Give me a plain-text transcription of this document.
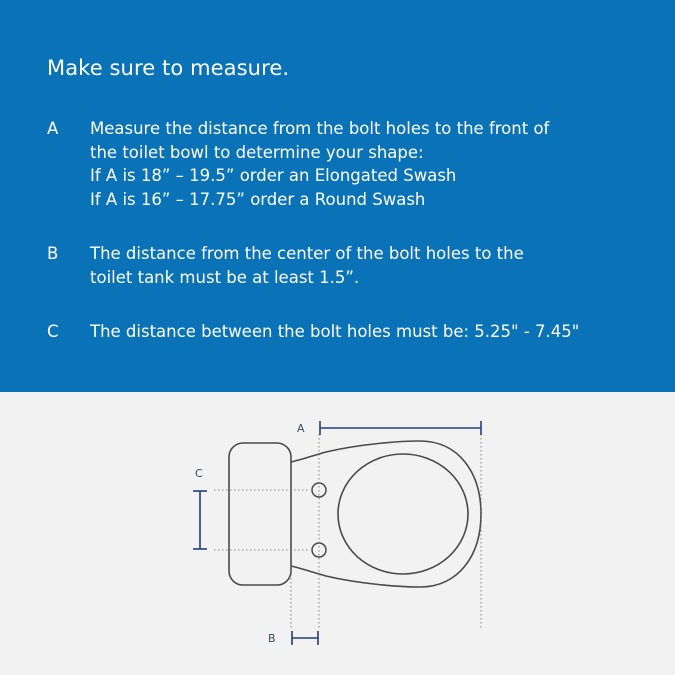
Make sure to measure.
A Measure the distance from the bolt holes to the front of
the toilet bowl to determine your shape:
If A is 18” – 19.5” order an Elongated Swash
If A is 16” – 17.75” order a Round Swash
B The distance from the center of the bolt holes to the
toilet tank must be at least 1.5”.
C The distance between the bolt holes must be: 5.25" - 7.45"
A
C
B
